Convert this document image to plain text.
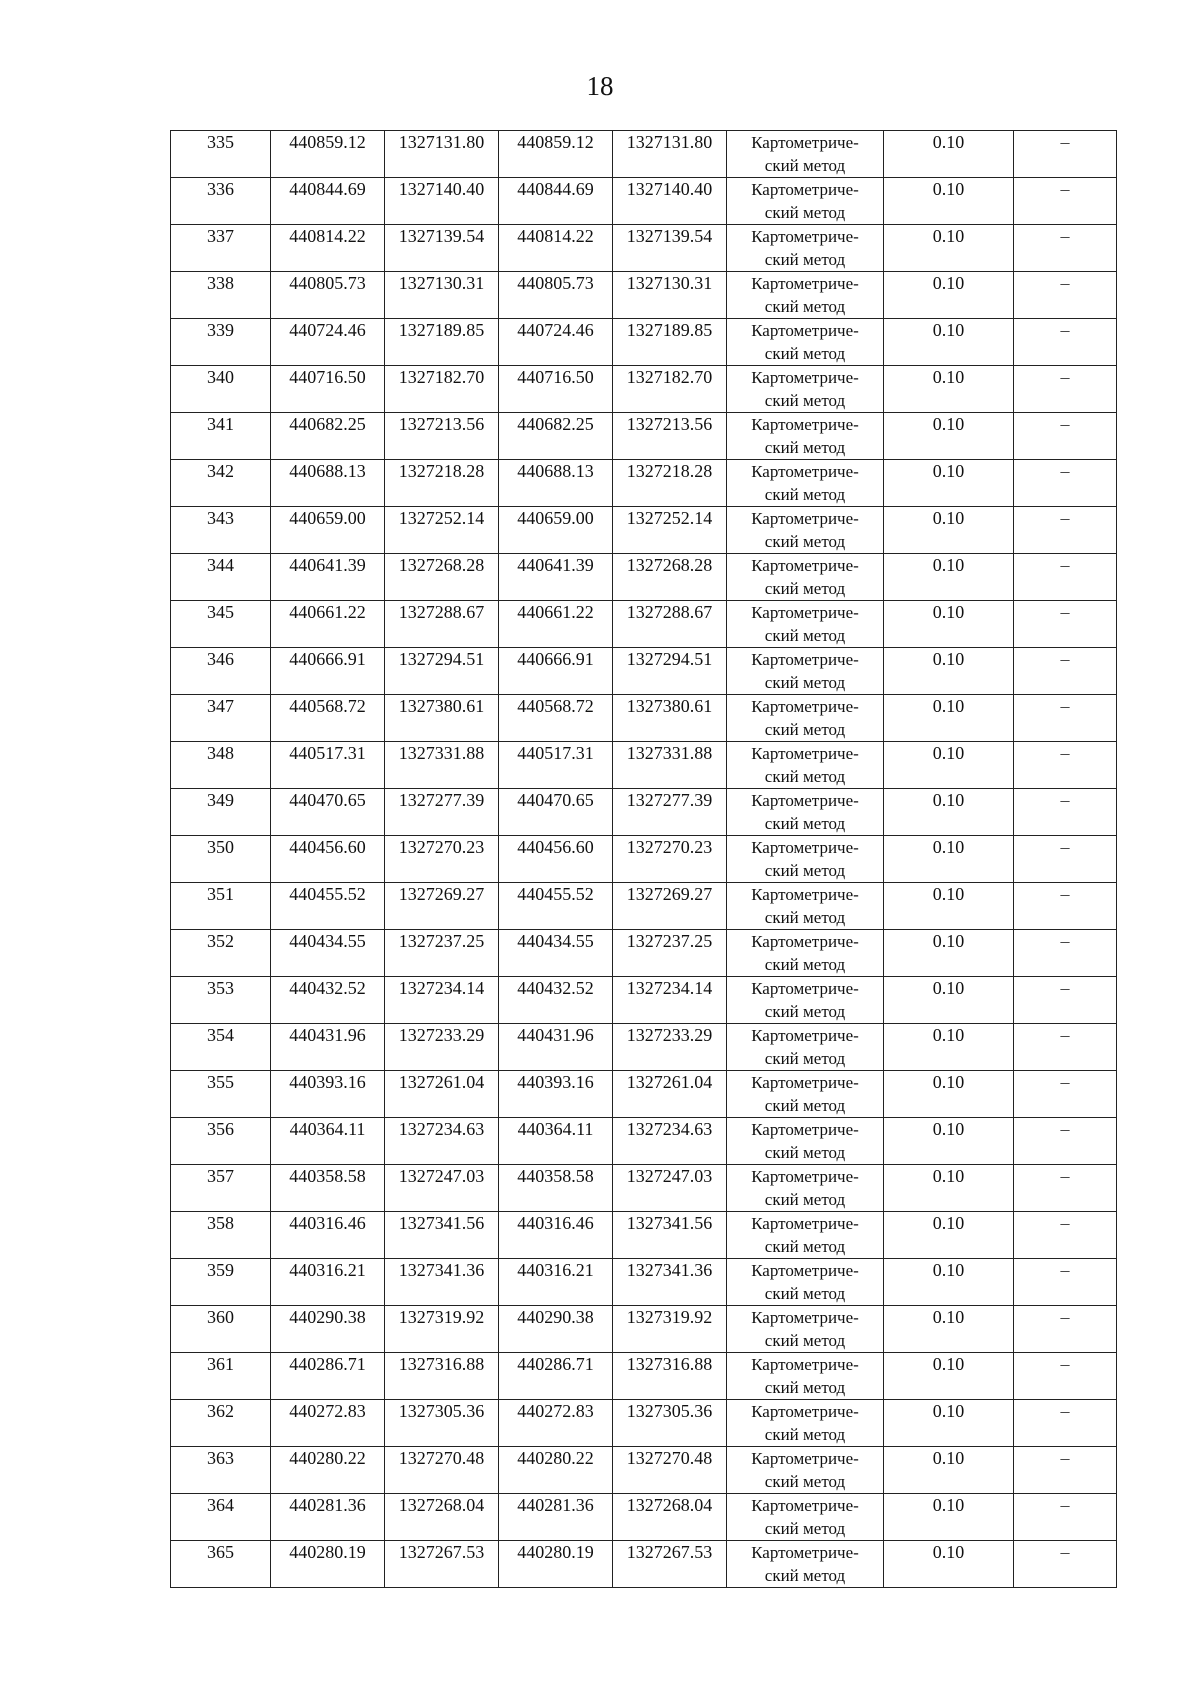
18
335	440859.12	1327131.80	440859.12	1327131.80	Картометриче-
ский метод	0.10	–
336	440844.69	1327140.40	440844.69	1327140.40	Картометриче-
ский метод	0.10	–
337	440814.22	1327139.54	440814.22	1327139.54	Картометриче-
ский метод	0.10	–
338	440805.73	1327130.31	440805.73	1327130.31	Картометриче-
ский метод	0.10	–
339	440724.46	1327189.85	440724.46	1327189.85	Картометриче-
ский метод	0.10	–
340	440716.50	1327182.70	440716.50	1327182.70	Картометриче-
ский метод	0.10	–
341	440682.25	1327213.56	440682.25	1327213.56	Картометриче-
ский метод	0.10	–
342	440688.13	1327218.28	440688.13	1327218.28	Картометриче-
ский метод	0.10	–
343	440659.00	1327252.14	440659.00	1327252.14	Картометриче-
ский метод	0.10	–
344	440641.39	1327268.28	440641.39	1327268.28	Картометриче-
ский метод	0.10	–
345	440661.22	1327288.67	440661.22	1327288.67	Картометриче-
ский метод	0.10	–
346	440666.91	1327294.51	440666.91	1327294.51	Картометриче-
ский метод	0.10	–
347	440568.72	1327380.61	440568.72	1327380.61	Картометриче-
ский метод	0.10	–
348	440517.31	1327331.88	440517.31	1327331.88	Картометриче-
ский метод	0.10	–
349	440470.65	1327277.39	440470.65	1327277.39	Картометриче-
ский метод	0.10	–
350	440456.60	1327270.23	440456.60	1327270.23	Картометриче-
ский метод	0.10	–
351	440455.52	1327269.27	440455.52	1327269.27	Картометриче-
ский метод	0.10	–
352	440434.55	1327237.25	440434.55	1327237.25	Картометриче-
ский метод	0.10	–
353	440432.52	1327234.14	440432.52	1327234.14	Картометриче-
ский метод	0.10	–
354	440431.96	1327233.29	440431.96	1327233.29	Картометриче-
ский метод	0.10	–
355	440393.16	1327261.04	440393.16	1327261.04	Картометриче-
ский метод	0.10	–
356	440364.11	1327234.63	440364.11	1327234.63	Картометриче-
ский метод	0.10	–
357	440358.58	1327247.03	440358.58	1327247.03	Картометриче-
ский метод	0.10	–
358	440316.46	1327341.56	440316.46	1327341.56	Картометриче-
ский метод	0.10	–
359	440316.21	1327341.36	440316.21	1327341.36	Картометриче-
ский метод	0.10	–
360	440290.38	1327319.92	440290.38	1327319.92	Картометриче-
ский метод	0.10	–
361	440286.71	1327316.88	440286.71	1327316.88	Картометриче-
ский метод	0.10	–
362	440272.83	1327305.36	440272.83	1327305.36	Картометриче-
ский метод	0.10	–
363	440280.22	1327270.48	440280.22	1327270.48	Картометриче-
ский метод	0.10	–
364	440281.36	1327268.04	440281.36	1327268.04	Картометриче-
ский метод	0.10	–
365	440280.19	1327267.53	440280.19	1327267.53	Картометриче-
ский метод	0.10	–
